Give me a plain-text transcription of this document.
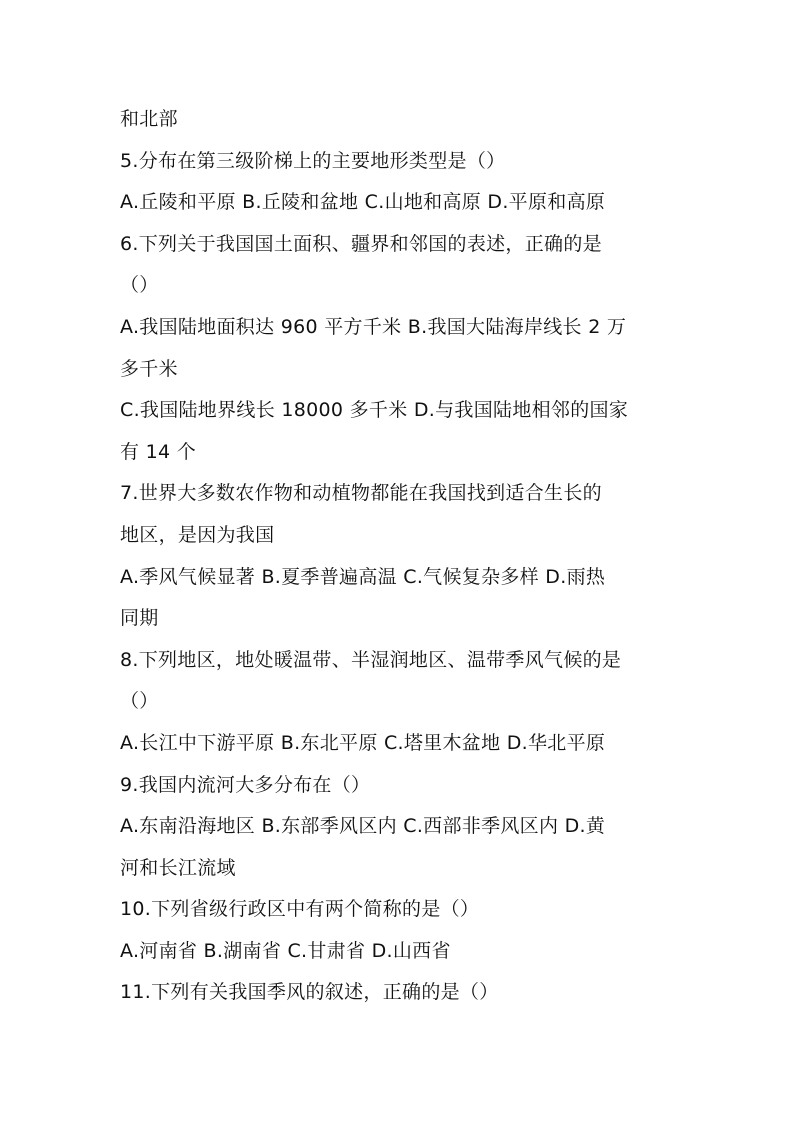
和北部
5.分布在第三级阶梯上的主要地形类型是（）
A.丘陵和平原 B.丘陵和盆地 C.山地和高原 D.平原和高原
6.下列关于我国国土面积、疆界和邻国的表述，正确的是
（）
A.我国陆地面积达 960 平方千米 B.我国大陆海岸线长 2 万
多千米
C.我国陆地界线长 18000 多千米 D.与我国陆地相邻的国家
有 14 个
7.世界大多数农作物和动植物都能在我国找到适合生长的
地区，是因为我国
A.季风气候显著 B.夏季普遍高温 C.气候复杂多样 D.雨热
同期
8.下列地区，地处暖温带、半湿润地区、温带季风气候的是
（）
A.长江中下游平原 B.东北平原 C.塔里木盆地 D.华北平原
9.我国内流河大多分布在（）
A.东南沿海地区 B.东部季风区内 C.西部非季风区内 D.黄
河和长江流域
10.下列省级行政区中有两个简称的是（）
A.河南省 B.湖南省 C.甘肃省 D.山西省
11.下列有关我国季风的叙述，正确的是（）
